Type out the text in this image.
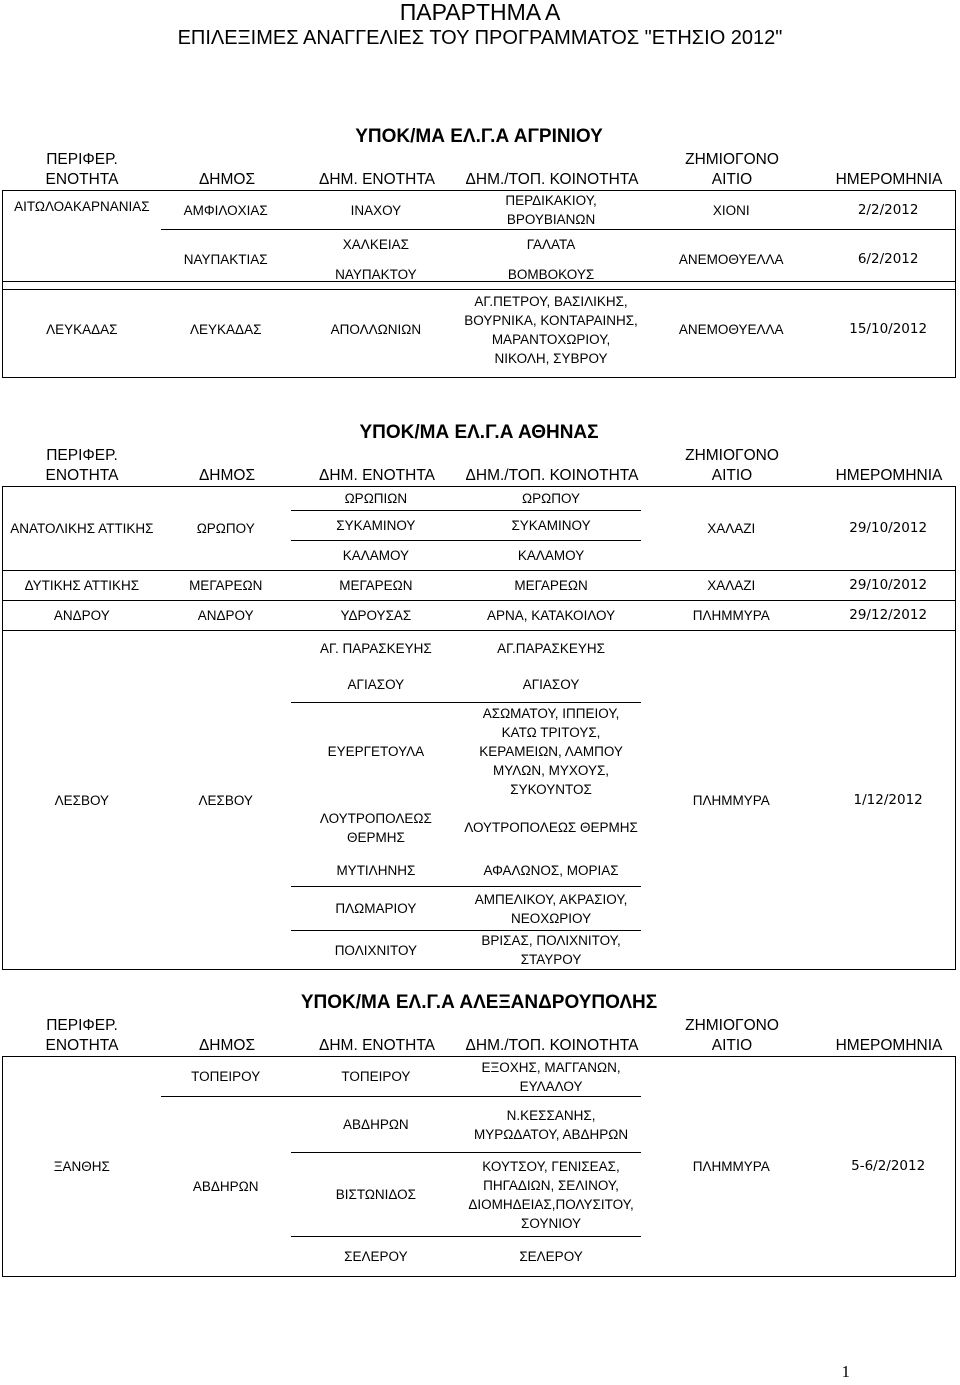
ΠΑΡΑΡΤΗΜΑ Α
ΕΠΙΛΕΞΙΜΕΣ ΑΝΑΓΓΕΛΙΕΣ ΤΟΥ ΠΡΟΓΡΑΜΜΑΤΟΣ "ΕΤΗΣΙΟ 2012"
ΥΠΟΚ/ΜΑ ΕΛ.Γ.Α ΑΓΡΙΝΙΟΥ
ΠΕΡΙΦΕΡ.
ΕΝΟΤΗΤΑ	ΔΗΜΟΣ	ΔΗΜ. ΕΝΟΤΗΤΑ	ΔΗΜ./ΤΟΠ. ΚΟΙΝΟΤΗΤΑ	ΖΗΜΙΟΓΟΝΟ
ΑΙΤΙΟ	ΗΜΕΡΟΜΗΝΙΑ
ΑΙΤΩΛΟΑΚΑΡΝΑΝΙΑΣ	ΑΜΦΙΛΟΧΙΑΣ	ΙΝΑΧΟΥ	ΠΕΡΔΙΚΑΚΙΟΥ, ΒΡΟΥΒΙΑΝΩΝ	ΧΙΟΝΙ	2/2/2012
	ΝΑΥΠΑΚΤΙΑΣ	ΧΑΛΚΕΙΑΣ	ΓΑΛΑΤΑ	ΑΝΕΜΟΘΥΕΛΛΑ	6/2/2012
		ΝΑΥΠΑΚΤΟΥ	ΒΟΜΒΟΚΟΥΣ		
ΛΕΥΚΑΔΑΣ	ΛΕΥΚΑΔΑΣ	ΑΠΟΛΛΩΝΙΩΝ	ΑΓ.ΠΕΤΡΟΥ, ΒΑΣΙΛΙΚΗΣ, ΒΟΥΡΝΙΚΑ, ΚΟΝΤΑΡΑΙΝΗΣ, ΜΑΡΑΝΤΟΧΩΡΙΟΥ, ΝΙΚΟΛΗ, ΣΥΒΡΟΥ	ΑΝΕΜΟΘΥΕΛΛΑ	15/10/2012
ΥΠΟΚ/ΜΑ ΕΛ.Γ.Α ΑΘΗΝΑΣ
ΠΕΡΙΦΕΡ.
ΕΝΟΤΗΤΑ	ΔΗΜΟΣ	ΔΗΜ. ΕΝΟΤΗΤΑ	ΔΗΜ./ΤΟΠ. ΚΟΙΝΟΤΗΤΑ	ΖΗΜΙΟΓΟΝΟ
ΑΙΤΙΟ	ΗΜΕΡΟΜΗΝΙΑ
ΑΝΑΤΟΛΙΚΗΣ ΑΤΤΙΚΗΣ	ΩΡΩΠΟΥ	ΩΡΩΠΙΩΝ	ΩΡΩΠΟΥ	ΧΑΛΑΖΙ	29/10/2012
		ΣΥΚΑΜΙΝΟΥ	ΣΥΚΑΜΙΝΟΥ		
		ΚΑΛΑΜΟΥ	ΚΑΛΑΜΟΥ		
ΔΥΤΙΚΗΣ ΑΤΤΙΚΗΣ	ΜΕΓΑΡΕΩΝ	ΜΕΓΑΡΕΩΝ	ΜΕΓΑΡΕΩΝ	ΧΑΛΑΖΙ	29/10/2012
ΑΝΔΡΟΥ	ΑΝΔΡΟΥ	ΥΔΡΟΥΣΑΣ	ΑΡΝΑ, ΚΑΤΑΚΟΙΛΟΥ	ΠΛΗΜΜΥΡΑ	29/12/2012
ΛΕΣΒΟΥ	ΛΕΣΒΟΥ	ΑΓ. ΠΑΡΑΣΚΕΥΗΣ	ΑΓ.ΠΑΡΑΣΚΕΥΗΣ	ΠΛΗΜΜΥΡΑ	1/12/2012
		ΑΓΙΑΣΟΥ	ΑΓΙΑΣΟΥ		
		ΕΥΕΡΓΕΤΟΥΛΑ	ΑΣΩΜΑΤΟΥ, ΙΠΠΕΙΟΥ, ΚΑΤΩ ΤΡΙΤΟΥΣ, ΚΕΡΑΜΕΙΩΝ, ΛΑΜΠΟΥ ΜΥΛΩΝ, ΜΥΧΟΥΣ, ΣΥΚΟΥΝΤΟΣ		
		ΛΟΥΤΡΟΠΟΛΕΩΣ ΘΕΡΜΗΣ	ΛΟΥΤΡΟΠΟΛΕΩΣ ΘΕΡΜΗΣ		
		ΜΥΤΙΛΗΝΗΣ	ΑΦΑΛΩΝΟΣ, ΜΟΡΙΑΣ		
		ΠΛΩΜΑΡΙΟΥ	ΑΜΠΕΛΙΚΟΥ, ΑΚΡΑΣΙΟΥ, ΝΕΟΧΩΡΙΟΥ		
		ΠΟΛΙΧΝΙΤΟΥ	ΒΡΙΣΑΣ, ΠΟΛΙΧΝΙΤΟΥ, ΣΤΑΥΡΟΥ		
ΥΠΟΚ/ΜΑ ΕΛ.Γ.Α ΑΛΕΞΑΝΔΡΟΥΠΟΛΗΣ
ΠΕΡΙΦΕΡ.
ΕΝΟΤΗΤΑ	ΔΗΜΟΣ	ΔΗΜ. ΕΝΟΤΗΤΑ	ΔΗΜ./ΤΟΠ. ΚΟΙΝΟΤΗΤΑ	ΖΗΜΙΟΓΟΝΟ
ΑΙΤΙΟ	ΗΜΕΡΟΜΗΝΙΑ
ΞΑΝΘΗΣ	ΤΟΠΕΙΡΟΥ	ΤΟΠΕΙΡΟΥ	ΕΞΟΧΗΣ, ΜΑΓΓΑΝΩΝ, ΕΥΛΑΛΟΥ	ΠΛΗΜΜΥΡΑ	5-6/2/2012
	ΑΒΔΗΡΩΝ	ΑΒΔΗΡΩΝ	Ν.ΚΕΣΣΑΝΗΣ, ΜΥΡΩΔΑΤΟΥ, ΑΒΔΗΡΩΝ		
		ΒΙΣΤΩΝΙΔΟΣ	ΚΟΥΤΣΟΥ, ΓΕΝΙΣΕΑΣ, ΠΗΓΑΔΙΩΝ, ΣΕΛΙΝΟΥ, ΔΙΟΜΗΔΕΙΑΣ,ΠΟΛΥΣΙΤΟΥ, ΣΟΥΝΙΟΥ		
		ΣΕΛΕΡΟΥ	ΣΕΛΕΡΟΥ		
1
